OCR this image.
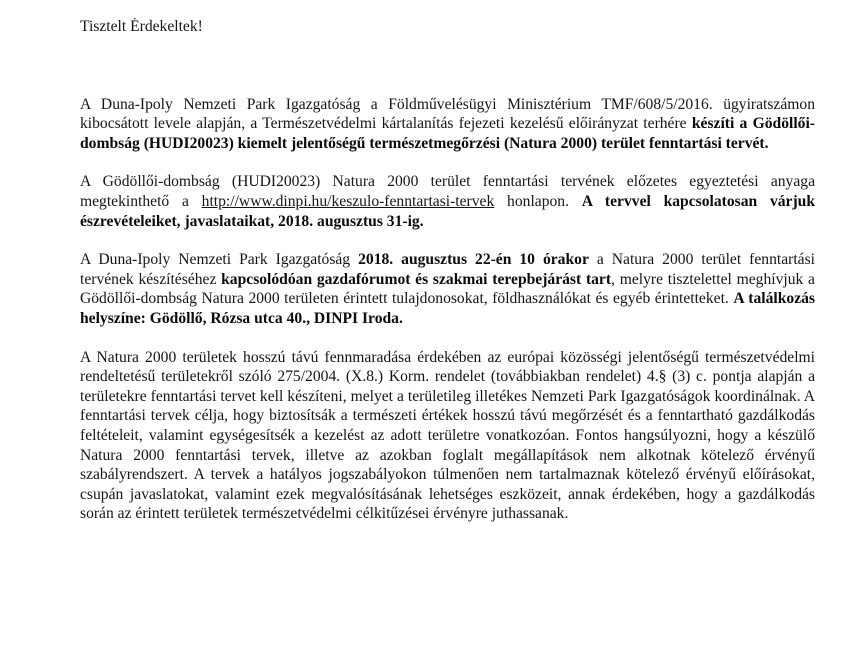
Tisztelt Érdekeltek!

A Duna-Ipoly Nemzeti Park Igazgatóság a Földművelésügyi Minisztérium TMF/608/5/2016. ügyiratszámon kibocsátott levele alapján, a Természetvédelmi kártalanítás fejezeti kezelésű előirányzat terhére készíti a Gödöllői-dombság (HUDI20023) kiemelt jelentőségű természetmegőrzési (Natura 2000) terület fenntartási tervét.

A Gödöllői-dombság (HUDI20023) Natura 2000 terület fenntartási tervének előzetes egyeztetési anyaga megtekinthető a http://www.dinpi.hu/keszulo-fenntartasi-tervek honlapon. A tervvel kapcsolatosan várjuk észrevételeiket, javaslataikat, 2018. augusztus 31-ig.

A Duna-Ipoly Nemzeti Park Igazgatóság 2018. augusztus 22-én 10 órakor a Natura 2000 terület fenntartási tervének készítéséhez kapcsolódóan gazdafórumot és szakmai terepbejárást tart, melyre tisztelettel meghívjuk a Gödöllői-dombság Natura 2000 területen érintett tulajdonosokat, földhasználókat és egyéb érintetteket. A találkozás helyszíne: Gödöllő, Rózsa utca 40., DINPI Iroda.

A Natura 2000 területek hosszú távú fennmaradása érdekében az európai közösségi jelentőségű természetvédelmi rendeltetésű területekről szóló 275/2004. (X.8.) Korm. rendelet (továbbiakban rendelet) 4.§ (3) c. pontja alapján a területekre fenntartási tervet kell készíteni, melyet a területileg illetékes Nemzeti Park Igazgatóságok koordinálnak. A fenntartási tervek célja, hogy biztosítsák a természeti értékek hosszú távú megőrzését és a fenntartható gazdálkodás feltételeit, valamint egységesítsék a kezelést az adott területre vonatkozóan. Fontos hangsúlyozni, hogy a készülő Natura 2000 fenntartási tervek, illetve az azokban foglalt megállapítások nem alkotnak kötelező érvényű szabályrendszert. A tervek a hatályos jogszabályokon túlmenően nem tartalmaznak kötelező érvényű előírásokat, csupán javaslatokat, valamint ezek megvalósításának lehetséges eszközeit, annak érdekében, hogy a gazdálkodás során az érintett területek természetvédelmi célkitűzései érvényre juthassanak.
